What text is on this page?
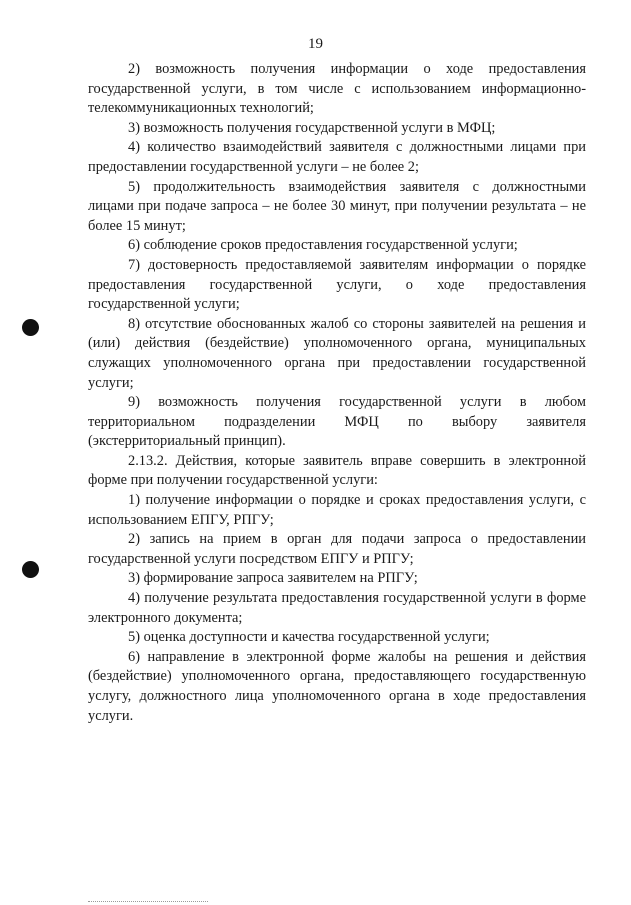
19

2) возможность получения информации о ходе предоставления государственной услуги, в том числе с использованием информационно-телекоммуникационных технологий;

3) возможность получения государственной услуги в МФЦ;

4) количество взаимодействий заявителя с должностными лицами при предоставлении государственной услуги – не более 2;

5) продолжительность взаимодействия заявителя с должностными лицами при подаче запроса – не более 30 минут, при получении результата – не более 15 минут;

6) соблюдение сроков предоставления государственной услуги;

7) достоверность предоставляемой заявителям информации о порядке предоставления государственной услуги, о ходе предоставления государственной услуги;

8) отсутствие обоснованных жалоб со стороны заявителей на решения и (или) действия (бездействие) уполномоченного органа, муниципальных служащих уполномоченного органа при предоставлении государственной услуги;

9) возможность получения государственной услуги в любом территориальном подразделении МФЦ по выбору заявителя (экстерриториальный принцип).

2.13.2. Действия, которые заявитель вправе совершить в электронной форме при получении государственной услуги:

1) получение информации о порядке и сроках предоставления услуги, с использованием ЕПГУ, РПГУ;

2) запись на прием в орган для подачи запроса о предоставлении государственной услуги посредством ЕПГУ и РПГУ;

3) формирование запроса заявителем на РПГУ;

4) получение результата предоставления государственной услуги в форме электронного документа;

5) оценка доступности и качества государственной услуги;

6) направление в электронной форме жалобы на решения и действия (бездействие) уполномоченного органа, предоставляющего государственную услугу, должностного лица уполномоченного органа в ходе предоставления услуги.
